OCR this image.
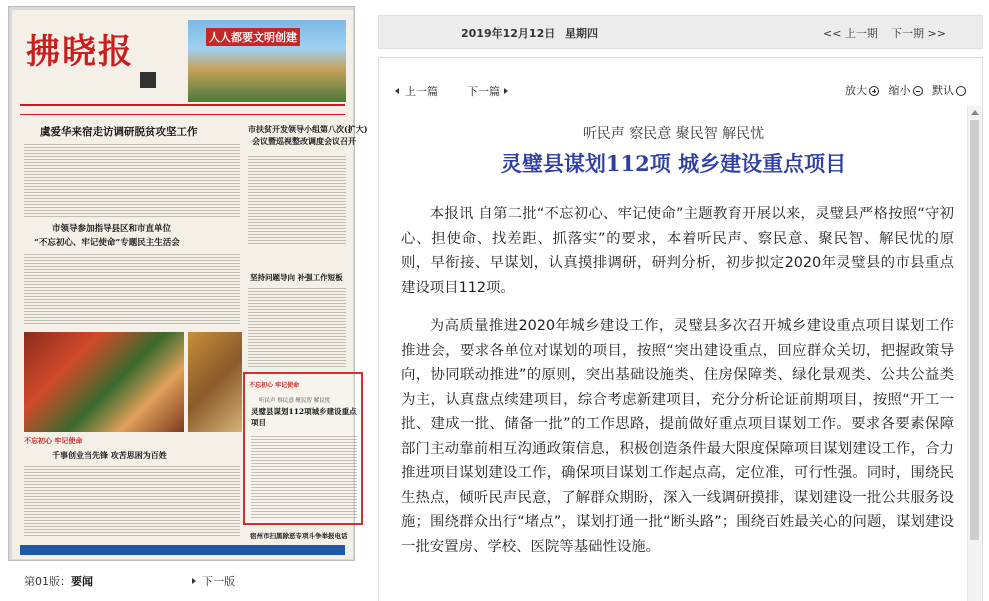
拂晓报	人人都要文明创建
虞爱华来宿走访调研脱贫攻坚工作	市扶贫开发领导小组第八次(扩大)
会议暨巡视整改调度会议召开
市领导参加指导县区和市直单位
“不忘初心、牢记使命”专题民主生活会
坚持问题导向 补强工作短板
不忘初心 牢记使命
千事创业当先锋 攻苦思困为百姓
不忘初心 牢记使命
听民声 察民意 聚民智 解民忧
灵璧县谋划112项城乡建设重点项目
宿州市扫黑除恶专项斗争举报电话
第01版：要闻	下一版
2019年12月12日 星期四	<< 上一期 下一期 >>
上一篇	下一篇	放大 缩小 默认
听民声 察民意 聚民智 解民忧
灵璧县谋划112项 城乡建设重点项目

本报讯 自第二批“不忘初心、牢记使命”主题教育开展以来，灵璧县严格按照“守初心、担使命、找差距、抓落实”的要求，本着听民声、察民意、聚民智、解民忧的原则，早衔接、早谋划，认真摸排调研，研判分析，初步拟定2020年灵璧县的市县重点建设项目112项。

为高质量推进2020年城乡建设工作，灵璧县多次召开城乡建设重点项目谋划工作推进会，要求各单位对谋划的项目，按照“突出建设重点，回应群众关切，把握政策导向，协同联动推进”的原则，突出基础设施类、住房保障类、绿化景观类、公共公益类为主，认真盘点续建项目，综合考虑新建项目，充分分析论证前期项目，按照“开工一批、建成一批、储备一批”的工作思路，提前做好重点项目谋划工作。要求各要素保障部门主动靠前相互沟通政策信息，积极创造条件最大限度保障项目谋划建设工作，合力推进项目谋划建设工作，确保项目谋划工作起点高，定位准，可行性强。同时，围绕民生热点，倾听民声民意，了解群众期盼，深入一线调研摸排，谋划建设一批公共服务设施；围绕群众出行“堵点”，谋划打通一批“断头路”；围绕百姓最关心的问题，谋划建设一批安置房、学校、医院等基础性设施。
